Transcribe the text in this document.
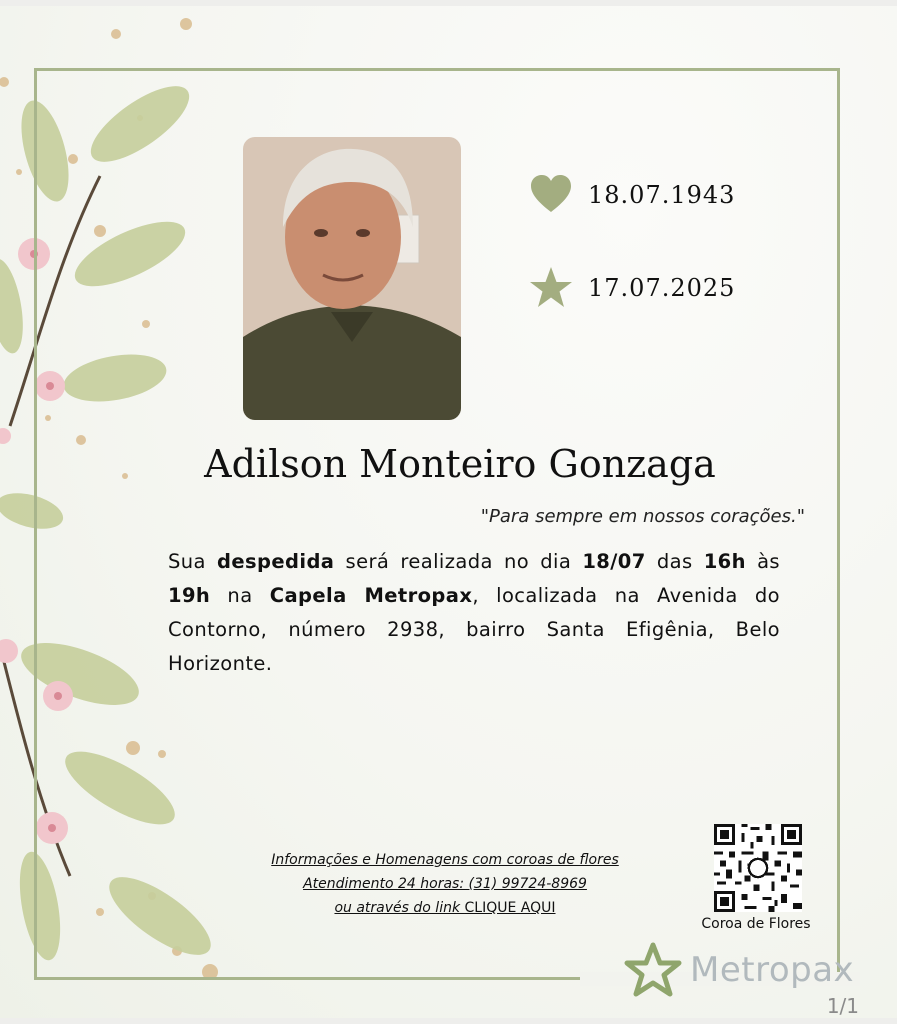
18.07.1943
17.07.2025
Adilson Monteiro Gonzaga
"Para sempre em nossos corações."
Sua despedida será realizada no dia 18/07 das 16h às 19h na Capela Metropax, localizada na Avenida do Contorno, número 2938, bairro Santa Efigênia, Belo Horizonte.
Informações e Homenagens com coroas de flores
Atendimento 24 horas: (31) 99724-8969
ou através do link CLIQUE AQUI
Coroa de Flores
Metropax
1/1
